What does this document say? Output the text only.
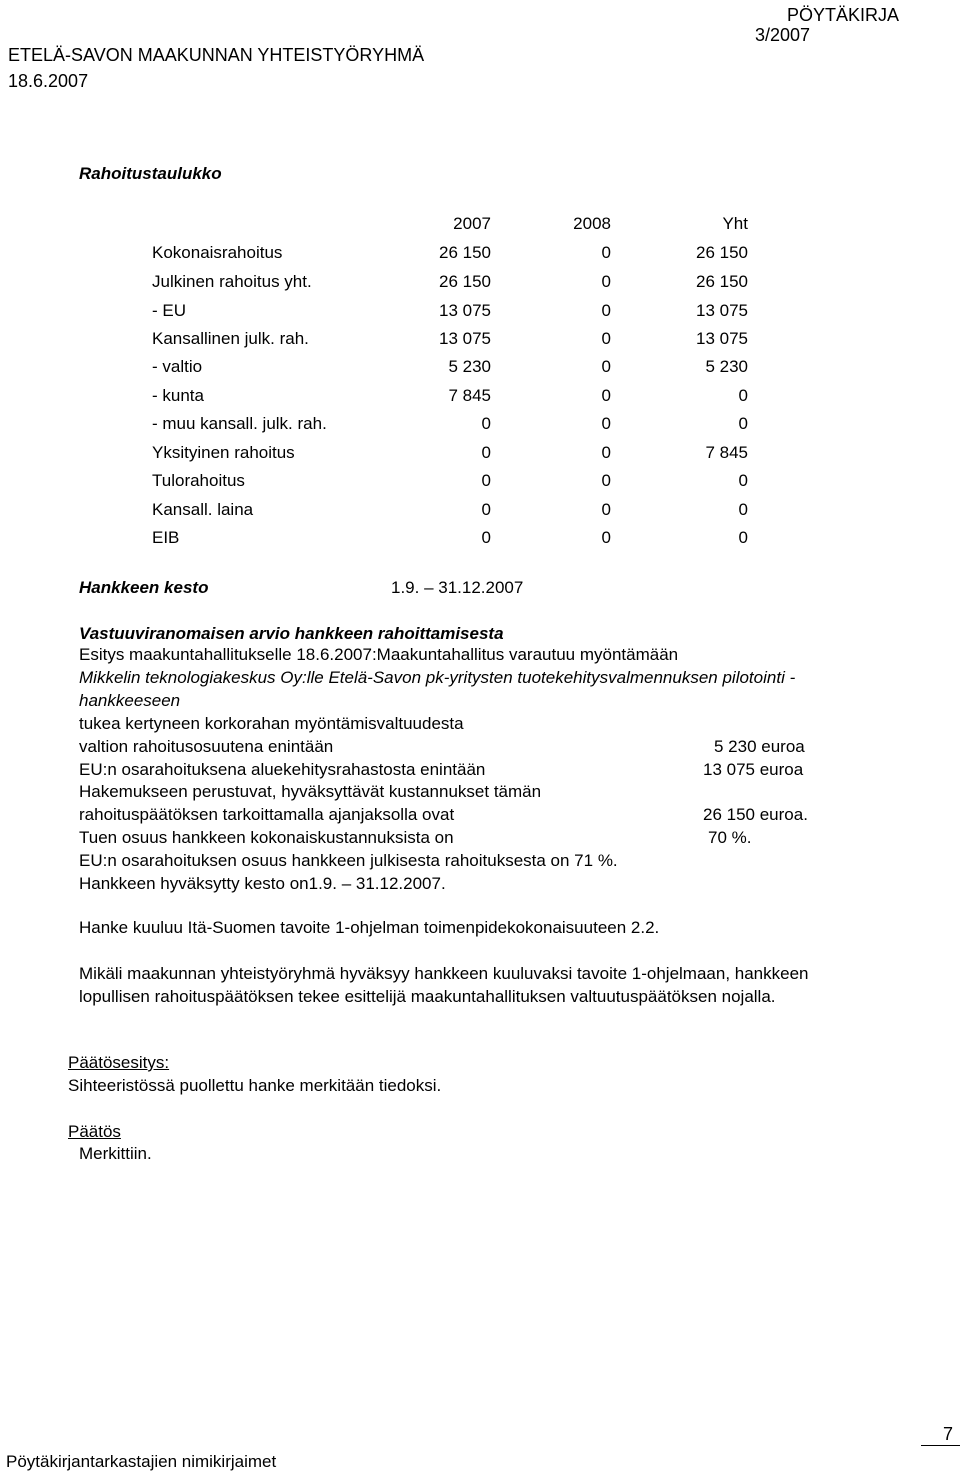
PÖYTÄKIRJA
ETELÄ-SAVON MAAKUNNAN YHTEISTYÖRYHMÄ
3/2007
18.6.2007
Rahoitustaulukko
2007	2008	Yht
Kokonaisrahoitus	26 150	0	26 150
Julkinen rahoitus yht.	26 150	0	26 150
- EU	13 075	0	13 075
Kansallinen julk. rah.	13 075	0	13 075
- valtio	5 230	0	5 230
- kunta	7 845	0	0
- muu kansall. julk. rah.	0	0	0
Yksityinen rahoitus	0	0	7 845
Tulorahoitus	0	0	0
Kansall. laina	0	0	0
EIB	0	0	0
Hankkeen kesto	1.9. – 31.12.2007
Vastuuviranomaisen arvio hankkeen rahoittamisesta
Esitys maakuntahallitukselle 18.6.2007:Maakuntahallitus varautuu myöntämään
Mikkelin teknologiakeskus Oy:lle Etelä-Savon pk-yritysten tuotekehitysvalmennuksen pilotointi -
hankkeeseen
tukea kertyneen korkorahan myöntämisvaltuudesta
valtion rahoitusosuutena enintään	5 230 euroa
EU:n osarahoituksena aluekehitysrahastosta enintään	13 075 euroa
Hakemukseen perustuvat, hyväksyttävät kustannukset tämän
rahoituspäätöksen tarkoittamalla ajanjaksolla ovat	26 150 euroa.
Tuen osuus hankkeen kokonaiskustannuksista on	70 %.
EU:n osarahoituksen osuus hankkeen julkisesta rahoituksesta on 71 %.
Hankkeen hyväksytty kesto on1.9. – 31.12.2007.
Hanke kuuluu Itä-Suomen tavoite 1-ohjelman toimenpidekokonaisuuteen 2.2.
Mikäli maakunnan yhteistyöryhmä hyväksyy hankkeen kuuluvaksi tavoite 1-ohjelmaan, hankkeen
lopullisen rahoituspäätöksen tekee esittelijä maakuntahallituksen valtuutuspäätöksen nojalla.
Päätösesitys:
Sihteeristössä puollettu hanke merkitään tiedoksi.
Päätös
Merkittiin.
7
Pöytäkirjantarkastajien nimikirjaimet
